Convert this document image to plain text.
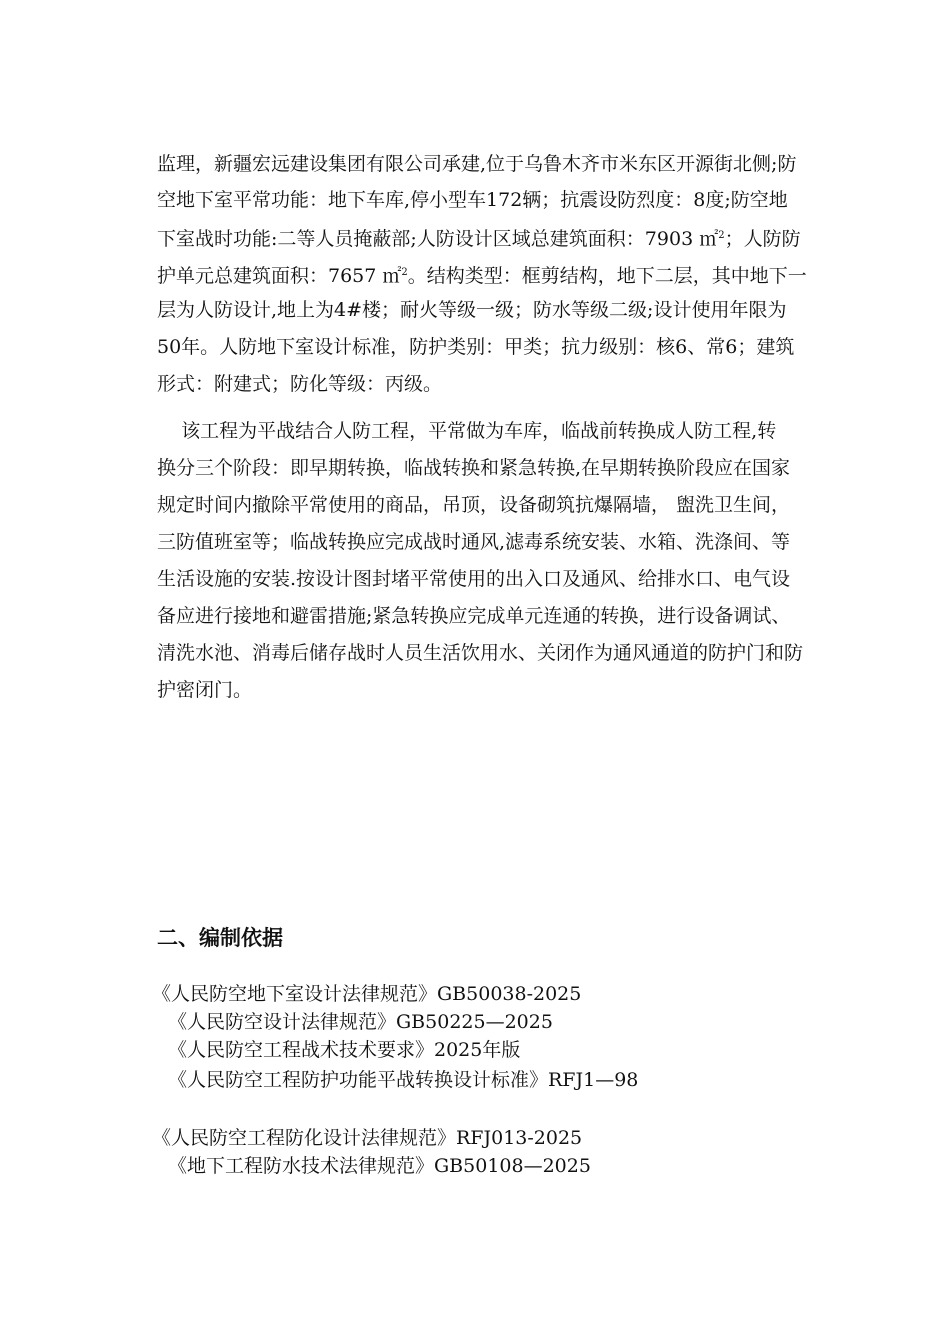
监理，新疆宏远建设集团有限公司承建,位于乌鲁木齐市米东区开源街北侧;防
空地下室平常功能：地下车库,停小型车172辆；抗震设防烈度：8度;防空地
下室战时功能:二等人员掩蔽部;人防设计区域总建筑面积：7903 ㎡$^2$；人防防
护单元总建筑面积：7657 ㎡$^2$。结构类型：框剪结构，地下二层，其中地下一
层为人防设计,地上为4#楼；耐火等级一级；防水等级二级;设计使用年限为
50年。人防地下室设计标准，防护类别：甲类；抗力级别：核6、常6；建筑
形式：附建式；防化等级：丙级。
该工程为平战结合人防工程，平常做为车库，临战前转换成人防工程,转
换分三个阶段：即早期转换，临战转换和紧急转换,在早期转换阶段应在国家
规定时间内撤除平常使用的商品，吊顶，设备砌筑抗爆隔墙， 盥洗卫生间，
三防值班室等；临战转换应完成战时通风,滤毒系统安装、水箱、洗涤间、等
生活设施的安装.按设计图封堵平常使用的出入口及通风、给排水口、电气设
备应进行接地和避雷措施;紧急转换应完成单元连通的转换，进行设备调试、
清洗水池、消毒后储存战时人员生活饮用水、关闭作为通风通道的防护门和防
护密闭门。
二、编制依据
《人民防空地下室设计法律规范》GB50038-2025
《人民防空设计法律规范》GB50225—2025
《人民防空工程战术技术要求》2025年版
《人民防空工程防护功能平战转换设计标准》RFJ1—98
《人民防空工程防化设计法律规范》RFJ013-2025
《地下工程防水技术法律规范》GB50108—2025
